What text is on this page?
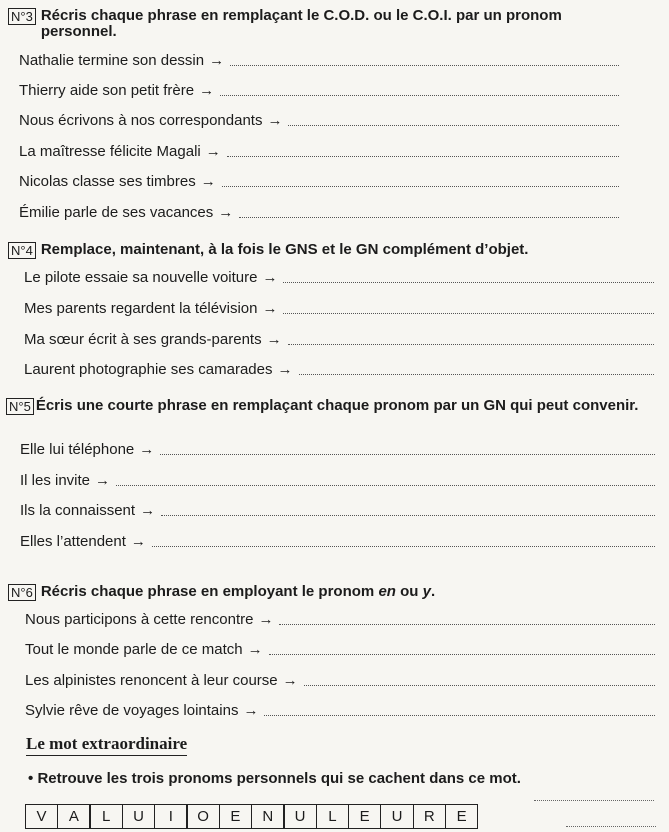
N°3 Récris chaque phrase en remplaçant le C.O.D. ou le C.O.I. par un pronom personnel.
Nathalie termine son dessin →
Thierry aide son petit frère →
Nous écrivons à nos correspondants →
La maîtresse félicite Magali →
Nicolas classe ses timbres →
Émilie parle de ses vacances →
N°4 Remplace, maintenant, à la fois le GNS et le GN complément d’objet.
Le pilote essaie sa nouvelle voiture →
Mes parents regardent la télévision →
Ma sœur écrit à ses grands-parents →
Laurent photographie ses camarades →
N°5 Écris une courte phrase en remplaçant chaque pronom par un GN qui peut convenir.
Elle lui téléphone →
Il les invite →
Ils la connaissent →
Elles l’attendent →
N°6 Récris chaque phrase en employant le pronom en ou y.
Nous participons à cette rencontre →
Tout le monde parle de ce match →
Les alpinistes renoncent à leur course →
Sylvie rêve de voyages lointains →
Le mot extraordinaire
• Retrouve les trois pronoms personnels qui se cachent dans ce mot.
V	A	L	U	I	O	E	N	U	L	E	U	R	E
